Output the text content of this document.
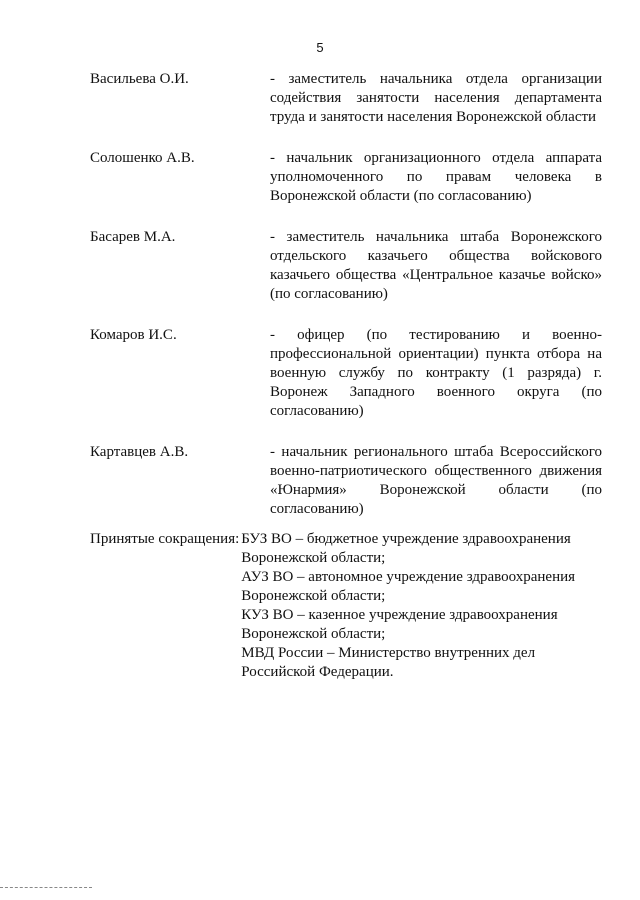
5
Васильева О.И.	- заместитель начальника отдела организации содействия занятости населения департамента труда и занятости населения Воронежской области
Солошенко А.В.	- начальник организационного отдела аппарата уполномоченного по правам человека в Воронежской области (по согласованию)
Басарев М.А.	- заместитель начальника штаба Воронежского отдельского казачьего общества войскового казачьего общества «Центральное казачье войско» (по согласованию)
Комаров И.С.	- офицер (по тестированию и военно-профессиональной ориентации) пункта отбора на военную службу по контракту (1 разряда) г. Воронеж Западного военного округа (по согласованию)
Картавцев А.В.	- начальник регионального штаба Всероссийского военно-патриотического общественного движения «Юнармия» Воронежской области (по согласованию)
Принятые сокращения: БУЗ ВО – бюджетное учреждение здравоохранения
Воронежской области;
АУЗ ВО – автономное учреждение здравоохранения
Воронежской области;
КУЗ ВО – казенное учреждение здравоохранения
Воронежской области;
МВД России – Министерство внутренних дел
Российской Федерации.
